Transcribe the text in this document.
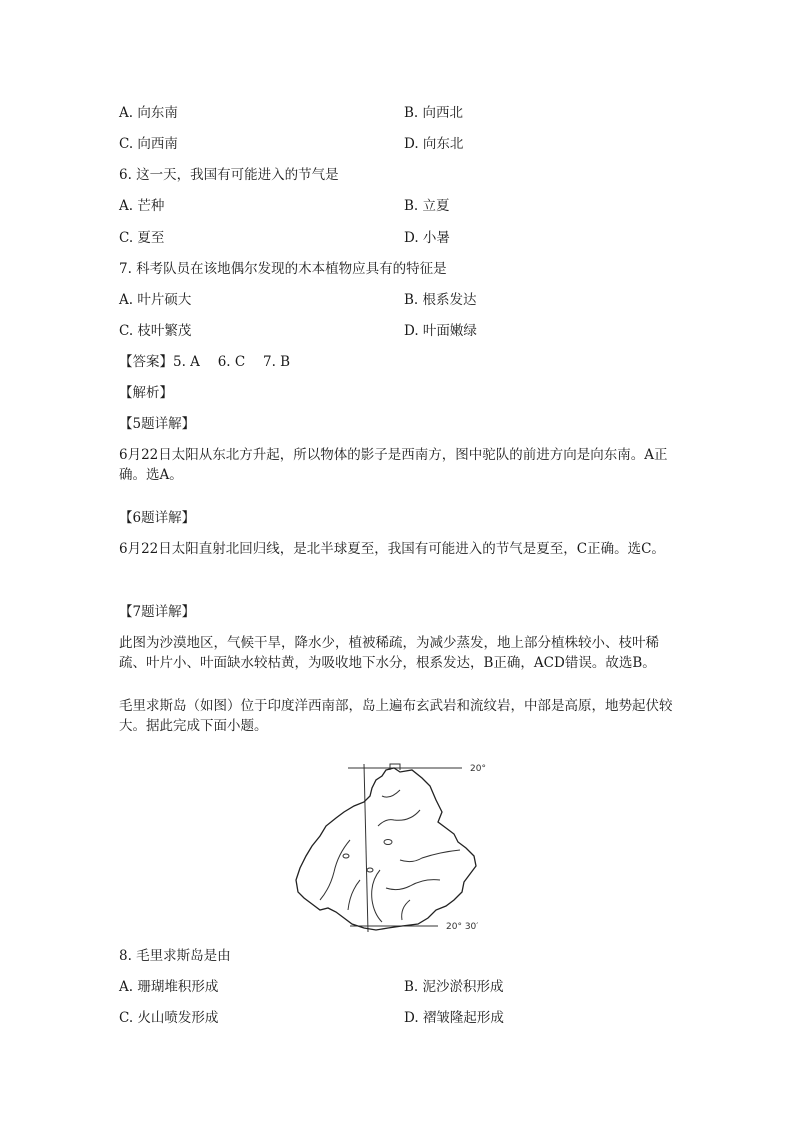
A. 向东南	B. 向西北
C. 向西南	D. 向东北
6. 这一天，我国有可能进入的节气是
A. 芒种	B. 立夏
C. 夏至	D. 小暑
7. 科考队员在该地偶尔发现的木本植物应具有的特征是
A. 叶片硕大	B. 根系发达
C. 枝叶繁茂	D. 叶面嫩绿
【答案】5. A　 6. C　 7. B
【解析】
【5题详解】
6月22日太阳从东北方升起，所以物体的影子是西南方，图中驼队的前进方向是向东南。A正确。选A。
【6题详解】
6月22日太阳直射北回归线，是北半球夏至，我国有可能进入的节气是夏至，C正确。选C。
【7题详解】
此图为沙漠地区，气候干旱，降水少，植被稀疏，为减少蒸发，地上部分植株较小、枝叶稀疏、叶片小、叶面缺水较枯黄，为吸收地下水分，根系发达，B正确，ACD错误。故选B。
毛里求斯岛（如图）位于印度洋西南部，岛上遍布玄武岩和流纹岩，中部是高原，地势起伏较大。据此完成下面小题。
20°
20° 30′
8. 毛里求斯岛是由
A. 珊瑚堆积形成	B. 泥沙淤积形成
C. 火山喷发形成	D. 褶皱隆起形成
